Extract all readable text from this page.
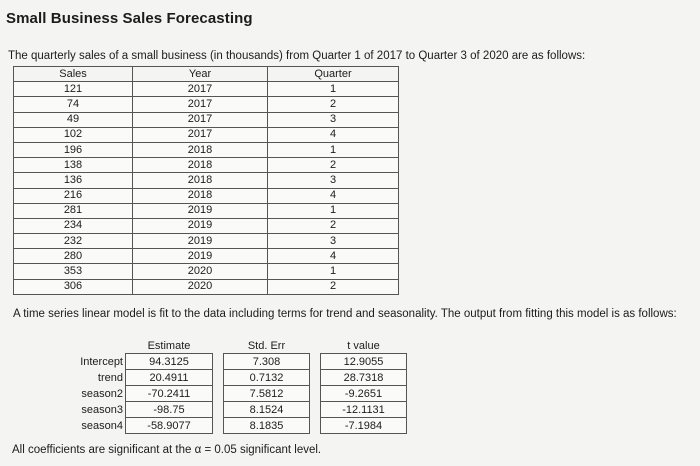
Small Business Sales Forecasting
The quarterly sales of a small business (in thousands) from Quarter 1 of 2017 to Quarter 3 of 2020 are as follows:
Sales	Year	Quarter
121	2017	1
74	2017	2
49	2017	3
102	2017	4
196	2018	1
138	2018	2
136	2018	3
216	2018	4
281	2019	1
234	2019	2
232	2019	3
280	2019	4
353	2020	1
306	2020	2
A time series linear model is fit to the data including terms for trend and seasonality. The output from fitting this model is as follows:
	Estimate		Std. Err		t value
Intercept	94.3125		7.308		12.9055
trend	20.4911		0.7132		28.7318
season2	-70.2411		7.5812		-9.2651
season3	-98.75		8.1524		-12.1131
season4	-58.9077		8.1835		-7.1984
All coefficients are significant at the α = 0.05 significant level.
